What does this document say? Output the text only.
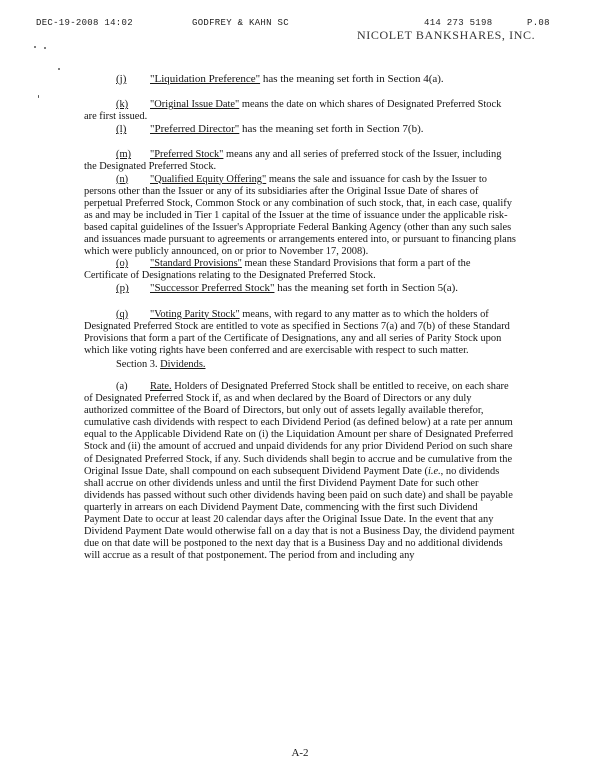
DEC-19-2008 14:02	GODFREY & KAHN SC	414 273 5198	P.08
NICOLET BANKSHARES, INC.

(j) "Liquidation Preference" has the meaning set forth in Section 4(a).

(k) "Original Issue Date" means the date on which shares of Designated Preferred Stock are first issued.

(l) "Preferred Director" has the meaning set forth in Section 7(b).

(m) "Preferred Stock" means any and all series of preferred stock of the Issuer, including the Designated Preferred Stock.

(n) "Qualified Equity Offering" means the sale and issuance for cash by the Issuer to persons other than the Issuer or any of its subsidiaries after the Original Issue Date of shares of perpetual Preferred Stock, Common Stock or any combination of such stock, that, in each case, qualify as and may be included in Tier 1 capital of the Issuer at the time of issuance under the applicable risk-based capital guidelines of the Issuer's Appropriate Federal Banking Agency (other than any such sales and issuances made pursuant to agreements or arrangements entered into, or pursuant to financing plans which were publicly announced, on or prior to November 17, 2008).

(o) "Standard Provisions" mean these Standard Provisions that form a part of the Certificate of Designations relating to the Designated Preferred Stock.

(p) "Successor Preferred Stock" has the meaning set forth in Section 5(a).

(q) "Voting Parity Stock" means, with regard to any matter as to which the holders of Designated Preferred Stock are entitled to vote as specified in Sections 7(a) and 7(b) of these Standard Provisions that form a part of the Certificate of Designations, any and all series of Parity Stock upon which like voting rights have been conferred and are exercisable with respect to such matter.

Section 3. Dividends.

(a) Rate. Holders of Designated Preferred Stock shall be entitled to receive, on each share of Designated Preferred Stock if, as and when declared by the Board of Directors or any duly authorized committee of the Board of Directors, but only out of assets legally available therefor, cumulative cash dividends with respect to each Dividend Period (as defined below) at a rate per annum equal to the Applicable Dividend Rate on (i) the Liquidation Amount per share of Designated Preferred Stock and (ii) the amount of accrued and unpaid dividends for any prior Dividend Period on such share of Designated Preferred Stock, if any. Such dividends shall begin to accrue and be cumulative from the Original Issue Date, shall compound on each subsequent Dividend Payment Date (i.e., no dividends shall accrue on other dividends unless and until the first Dividend Payment Date for such other dividends has passed without such other dividends having been paid on such date) and shall be payable quarterly in arrears on each Dividend Payment Date, commencing with the first such Dividend Payment Date to occur at least 20 calendar days after the Original Issue Date. In the event that any Dividend Payment Date would otherwise fall on a day that is not a Business Day, the dividend payment due on that date will be postponed to the next day that is a Business Day and no additional dividends will accrue as a result of that postponement. The period from and including any

A-2
